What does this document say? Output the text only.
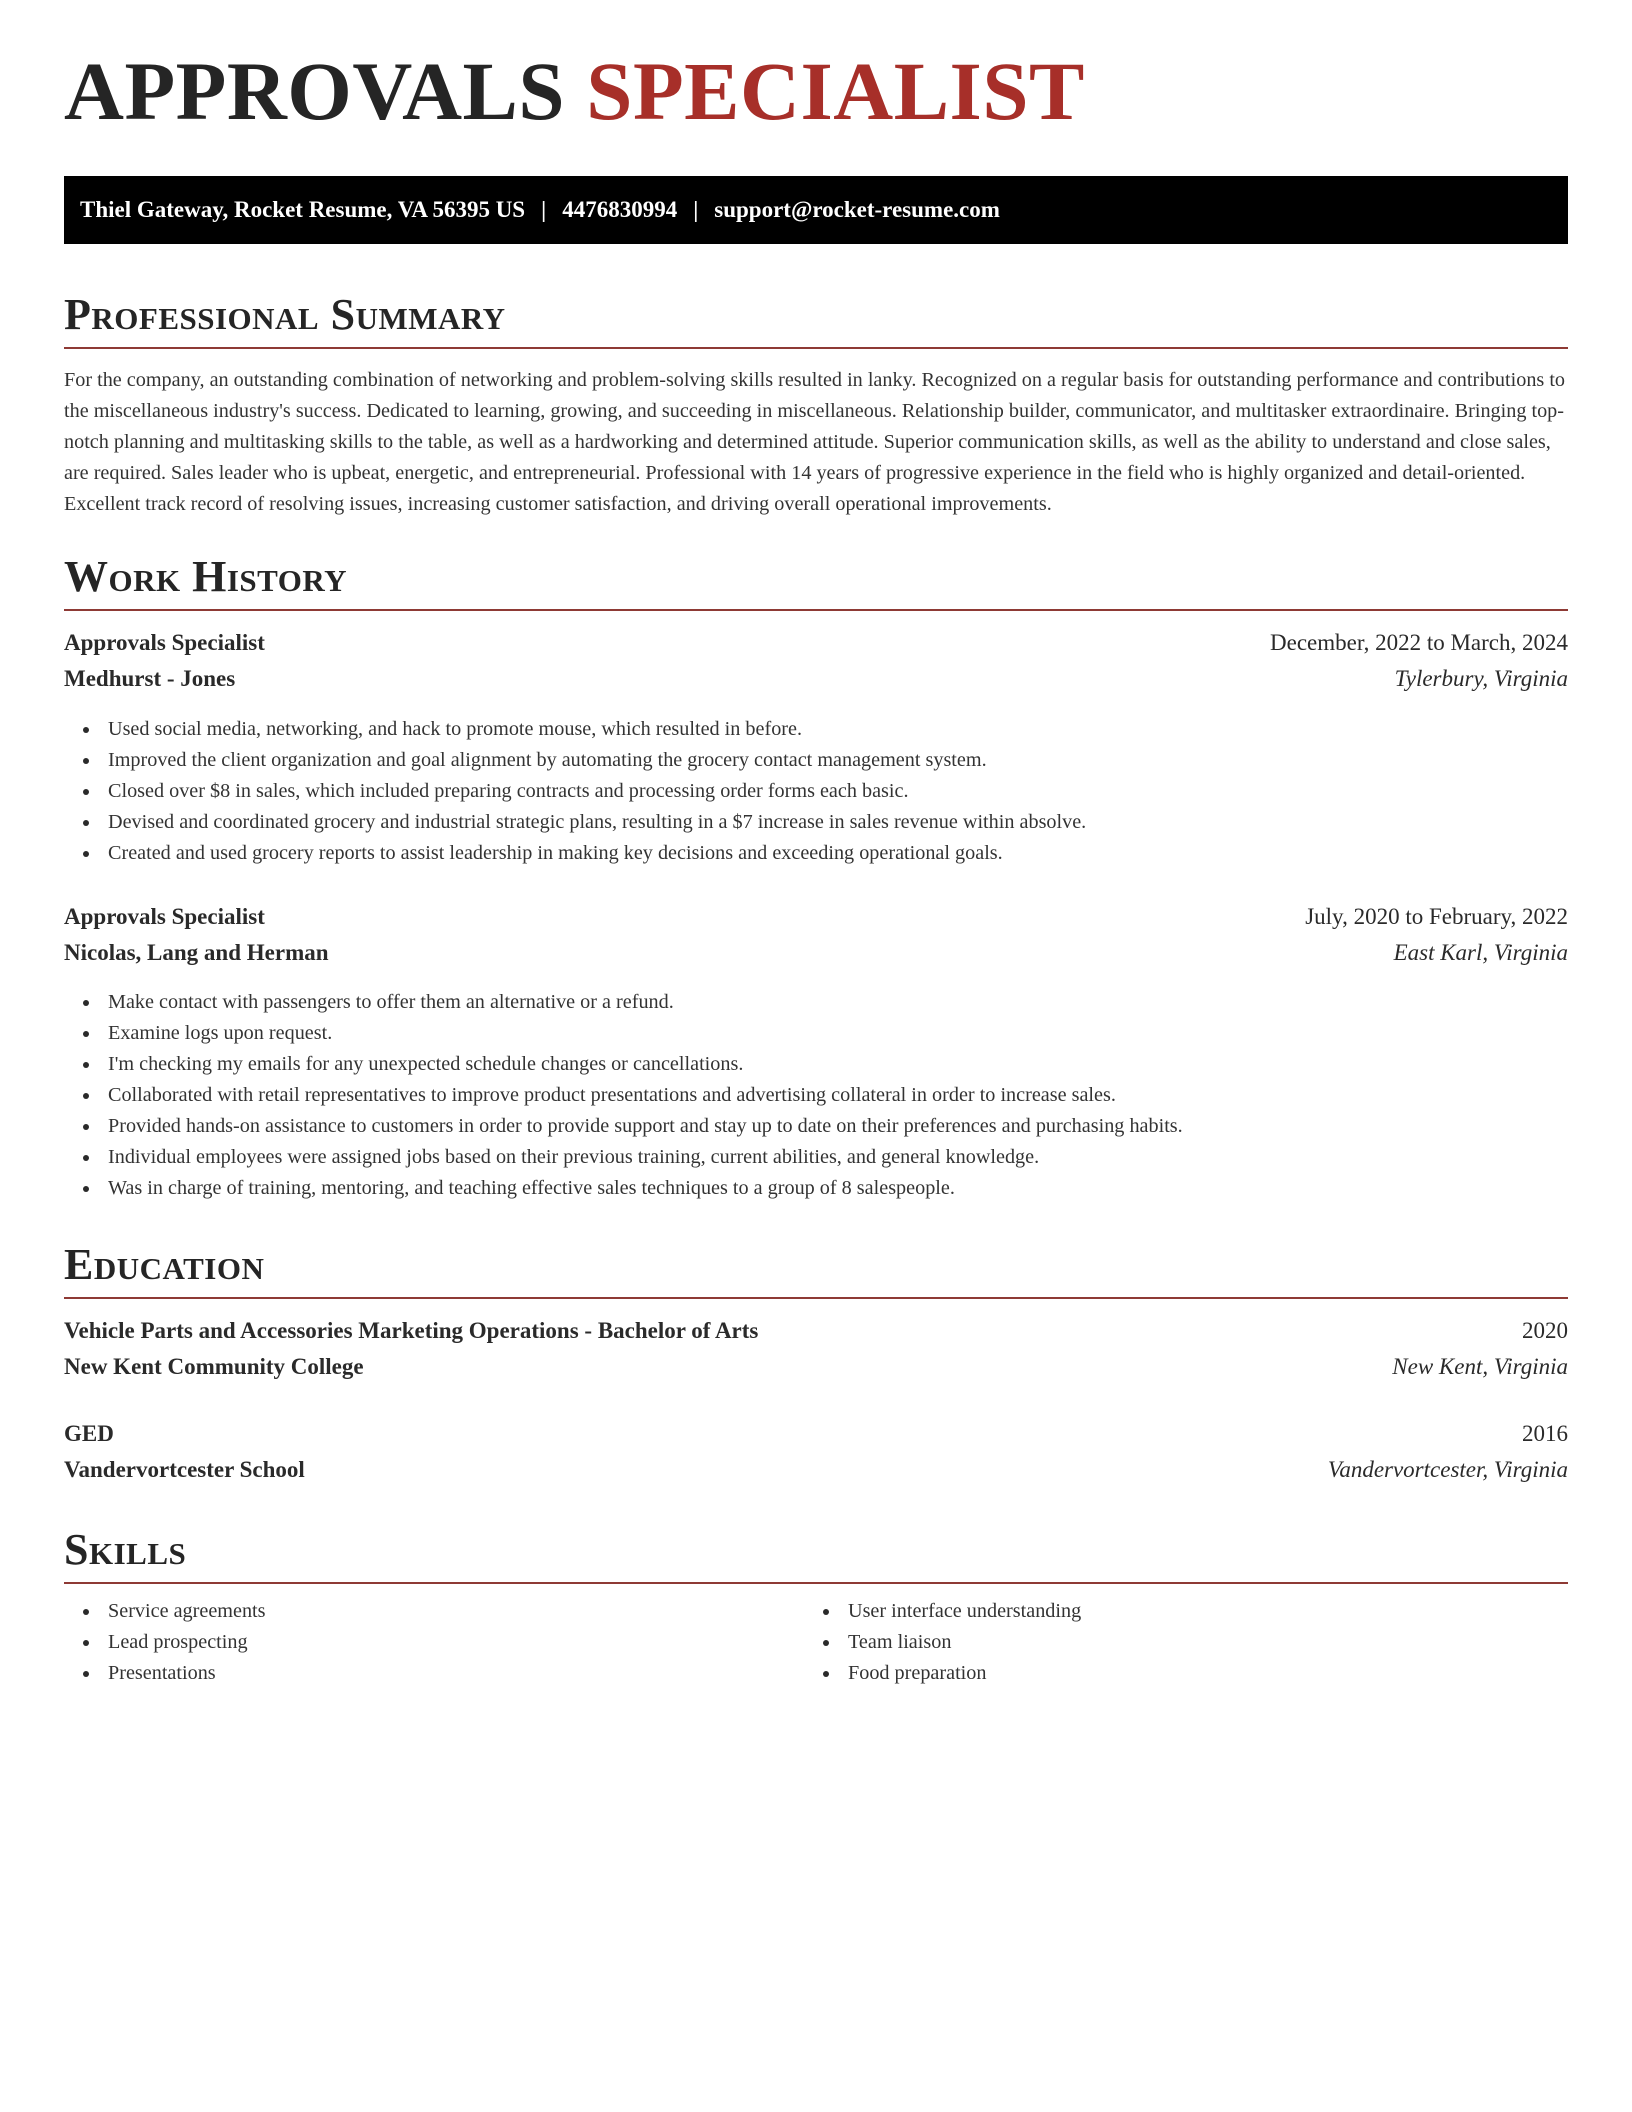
APPROVALS SPECIALIST
Thiel Gateway, Rocket Resume, VA 56395 US | 4476830994 | support@rocket-resume.com
Professional Summary

For the company, an outstanding combination of networking and problem-solving skills resulted in lanky. Recognized on a regular basis for outstanding performance and contributions to the miscellaneous industry's success. Dedicated to learning, growing, and succeeding in miscellaneous. Relationship builder, communicator, and multitasker extraordinaire. Bringing top-notch planning and multitasking skills to the table, as well as a hardworking and determined attitude. Superior communication skills, as well as the ability to understand and close sales, are required. Sales leader who is upbeat, energetic, and entrepreneurial. Professional with 14 years of progressive experience in the field who is highly organized and detail-oriented. Excellent track record of resolving issues, increasing customer satisfaction, and driving overall operational improvements.

Work History
Approvals Specialist	December, 2022 to March, 2024
Medhurst - Jones	Tylerbury, Virginia
Used social media, networking, and hack to promote mouse, which resulted in before.
Improved the client organization and goal alignment by automating the grocery contact management system.
Closed over $8 in sales, which included preparing contracts and processing order forms each basic.
Devised and coordinated grocery and industrial strategic plans, resulting in a $7 increase in sales revenue within absolve.
Created and used grocery reports to assist leadership in making key decisions and exceeding operational goals.
Approvals Specialist	July, 2020 to February, 2022
Nicolas, Lang and Herman	East Karl, Virginia
Make contact with passengers to offer them an alternative or a refund.
Examine logs upon request.
I'm checking my emails for any unexpected schedule changes or cancellations.
Collaborated with retail representatives to improve product presentations and advertising collateral in order to increase sales.
Provided hands-on assistance to customers in order to provide support and stay up to date on their preferences and purchasing habits.
Individual employees were assigned jobs based on their previous training, current abilities, and general knowledge.
Was in charge of training, mentoring, and teaching effective sales techniques to a group of 8 salespeople.
Education
Vehicle Parts and Accessories Marketing Operations - Bachelor of Arts	2020
New Kent Community College	New Kent, Virginia
GED	2016
Vandervortcester School	Vandervortcester, Virginia
Skills
Service agreements
Lead prospecting
Presentations
User interface understanding
Team liaison
Food preparation
